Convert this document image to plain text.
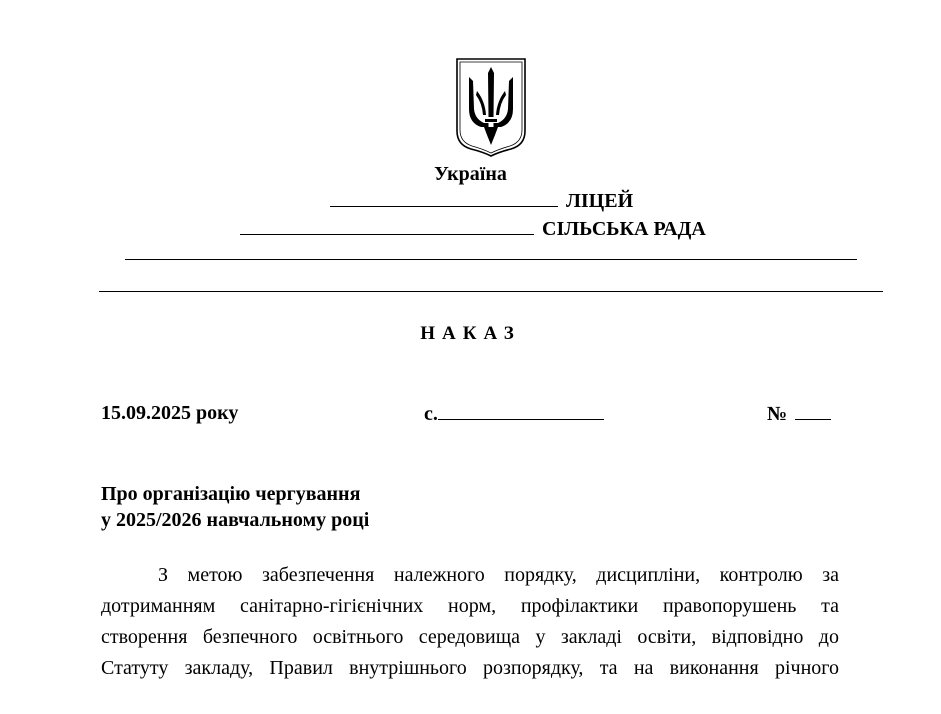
Україна
ЛІЦЕЙ
СІЛЬСЬКА РАДА
НАКАЗ
15.09.2025 року	с.	№
Про організацію чергування
у 2025/2026 навчальному році
З метою забезпечення належного порядку, дисципліни, контролю за
дотриманням санітарно-гігієнічних норм, профілактики правопорушень та
створення безпечного освітнього середовища у закладі освіти, відповідно до
Статуту закладу, Правил внутрішнього розпорядку, та на виконання річного
